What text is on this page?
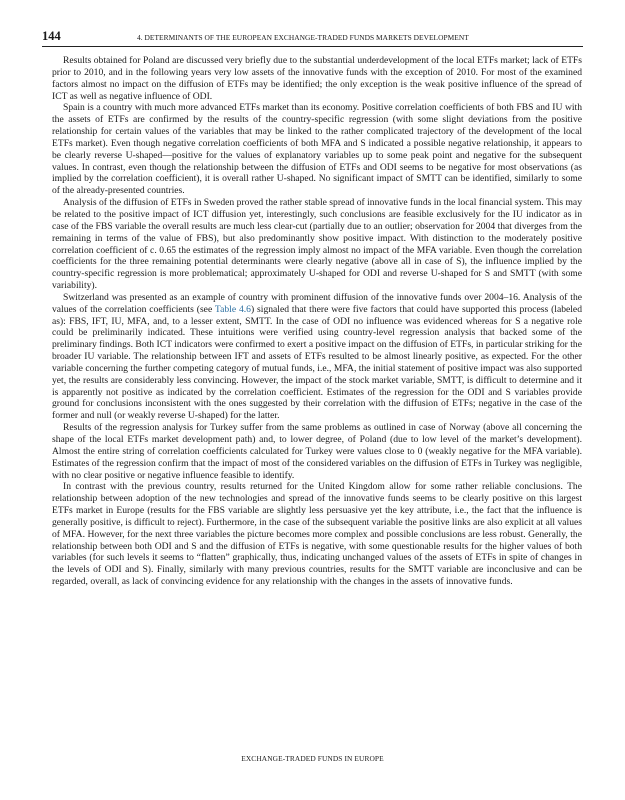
144	4. DETERMINANTS OF THE EUROPEAN EXCHANGE-TRADED FUNDS MARKETS DEVELOPMENT

Results obtained for Poland are discussed very briefly due to the substantial underdevelopment of the local ETFs market; lack of ETFs prior to 2010, and in the following years very low assets of the innovative funds with the exception of 2010. For most of the examined factors almost no impact on the diffusion of ETFs may be identified; the only exception is the weak positive influence of the spread of ICT as well as negative influence of ODI.

Spain is a country with much more advanced ETFs market than its economy. Positive correlation coefficients of both FBS and IU with the assets of ETFs are confirmed by the results of the country-specific regression (with some slight deviations from the positive relationship for certain values of the variables that may be linked to the rather complicated trajectory of the development of the local ETFs market). Even though negative correlation coefficients of both MFA and S indicated a possible negative relationship, it appears to be clearly reverse U-shaped—positive for the values of explanatory variables up to some peak point and negative for the subsequent values. In contrast, even though the relationship between the diffusion of ETFs and ODI seems to be negative for most observations (as implied by the correlation coefficient), it is overall rather U-shaped. No significant impact of SMTT can be identified, similarly to some of the already-presented countries.

Analysis of the diffusion of ETFs in Sweden proved the rather stable spread of innovative funds in the local financial system. This may be related to the positive impact of ICT diffusion yet, interestingly, such conclusions are feasible exclusively for the IU indicator as in case of the FBS variable the overall results are much less clear-cut (partially due to an outlier; observation for 2004 that diverges from the remaining in terms of the value of FBS), but also predominantly show positive impact. With distinction to the moderately positive correlation coefficient of c. 0.65 the estimates of the regression imply almost no impact of the MFA variable. Even though the correlation coefficients for the three remaining potential determinants were clearly negative (above all in case of S), the influence implied by the country-specific regression is more problematical; approximately U-shaped for ODI and reverse U-shaped for S and SMTT (with some variability).

Switzerland was presented as an example of country with prominent diffusion of the innovative funds over 2004–16. Analysis of the values of the correlation coefficients (see Table 4.6) signaled that there were five factors that could have supported this process (labeled as): FBS, IFT, IU, MFA, and, to a lesser extent, SMTT. In the case of ODI no influence was evidenced whereas for S a negative role could be preliminarily indicated. These intuitions were verified using country-level regression analysis that backed some of the preliminary findings. Both ICT indicators were confirmed to exert a positive impact on the diffusion of ETFs, in particular striking for the broader IU variable. The relationship between IFT and assets of ETFs resulted to be almost linearly positive, as expected. For the other variable concerning the further competing category of mutual funds, i.e., MFA, the initial statement of positive impact was also supported yet, the results are considerably less convincing. However, the impact of the stock market variable, SMTT, is difficult to determine and it is apparently not positive as indicated by the correlation coefficient. Estimates of the regression for the ODI and S variables provide ground for conclusions inconsistent with the ones suggested by their correlation with the diffusion of ETFs; negative in the case of the former and null (or weakly reverse U-shaped) for the latter.

Results of the regression analysis for Turkey suffer from the same problems as outlined in case of Norway (above all concerning the shape of the local ETFs market development path) and, to lower degree, of Poland (due to low level of the market’s development). Almost the entire string of correlation coefficients calculated for Turkey were values close to 0 (weakly negative for the MFA variable). Estimates of the regression confirm that the impact of most of the considered variables on the diffusion of ETFs in Turkey was negligible, with no clear positive or negative influence feasible to identify.

In contrast with the previous country, results returned for the United Kingdom allow for some rather reliable conclusions. The relationship between adoption of the new technologies and spread of the innovative funds seems to be clearly positive on this largest ETFs market in Europe (results for the FBS variable are slightly less persuasive yet the key attribute, i.e., the fact that the influence is generally positive, is difficult to reject). Furthermore, in the case of the subsequent variable the positive links are also explicit at all values of MFA. However, for the next three variables the picture becomes more complex and possible conclusions are less robust. Generally, the relationship between both ODI and S and the diffusion of ETFs is negative, with some questionable results for the higher values of both variables (for such levels it seems to “flatten” graphically, thus, indicating unchanged values of the assets of ETFs in spite of changes in the levels of ODI and S). Finally, similarly with many previous countries, results for the SMTT variable are inconclusive and can be regarded, overall, as lack of convincing evidence for any relationship with the changes in the assets of innovative funds.

EXCHANGE-TRADED FUNDS IN EUROPE
